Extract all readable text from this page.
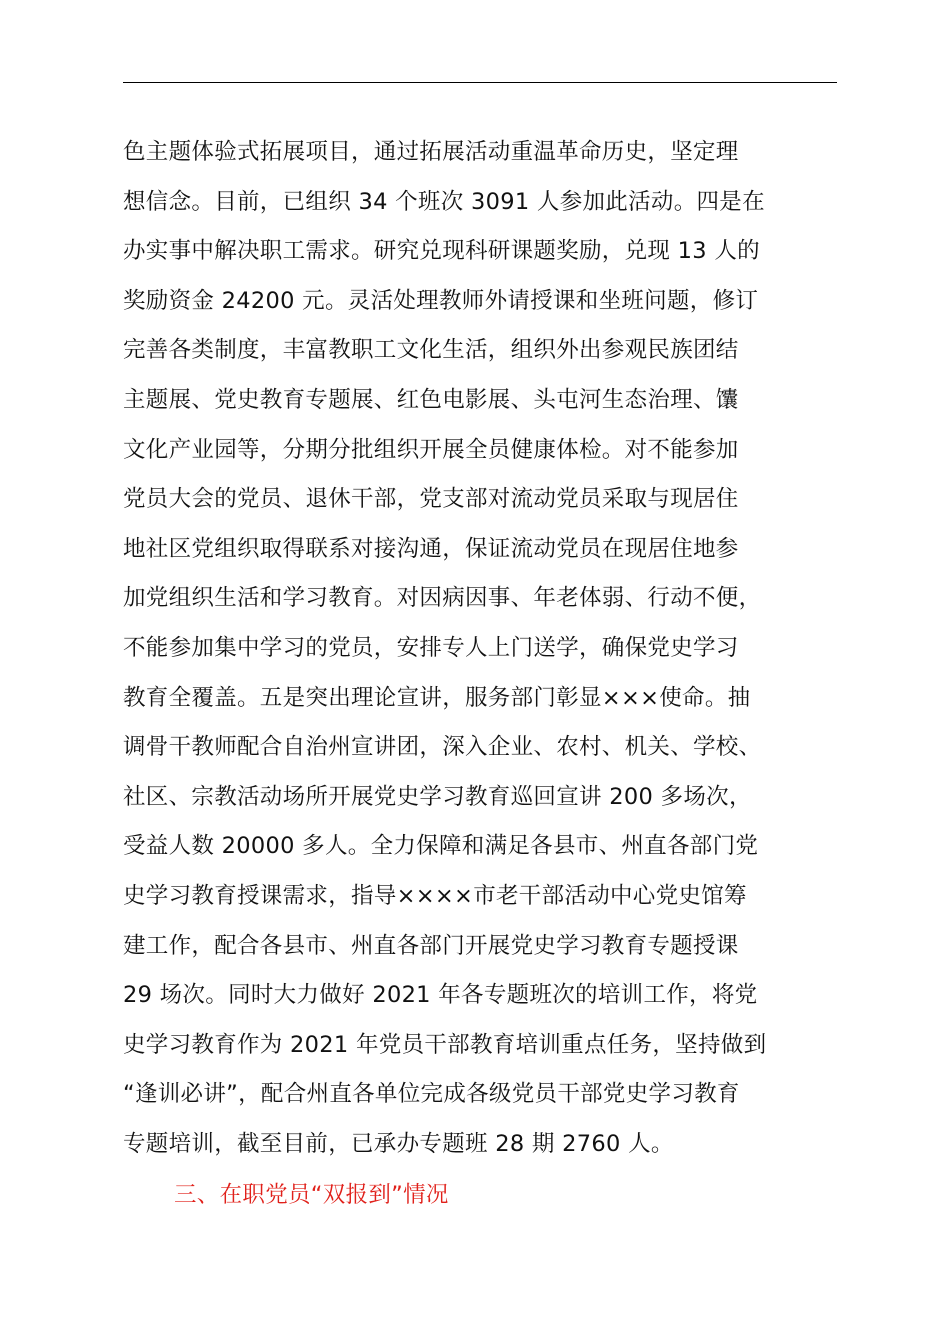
色主题体验式拓展项目，通过拓展活动重温革命历史，坚定理
想信念。目前，已组织 34 个班次 3091 人参加此活动。四是在
办实事中解决职工需求。研究兑现科研课题奖励，兑现 13 人的
奖励资金 24200 元。灵活处理教师外请授课和坐班问题，修订
完善各类制度，丰富教职工文化生活，组织外出参观民族团结
主题展、党史教育专题展、红色电影展、头屯河生态治理、馕
文化产业园等，分期分批组织开展全员健康体检。对不能参加
党员大会的党员、退休干部，党支部对流动党员采取与现居住
地社区党组织取得联系对接沟通，保证流动党员在现居住地参
加党组织生活和学习教育。对因病因事、年老体弱、行动不便，
不能参加集中学习的党员，安排专人上门送学，确保党史学习
教育全覆盖。五是突出理论宣讲，服务部门彰显×××使命。抽
调骨干教师配合自治州宣讲团，深入企业、农村、机关、学校、
社区、宗教活动场所开展党史学习教育巡回宣讲 200 多场次，
受益人数 20000 多人。全力保障和满足各县市、州直各部门党
史学习教育授课需求，指导××××市老干部活动中心党史馆筹
建工作，配合各县市、州直各部门开展党史学习教育专题授课
29 场次。同时大力做好 2021 年各专题班次的培训工作，将党
史学习教育作为 2021 年党员干部教育培训重点任务，坚持做到
“逢训必讲”，配合州直各单位完成各级党员干部党史学习教育
专题培训，截至目前，已承办专题班 28 期 2760 人。
三、在职党员“双报到”情况
